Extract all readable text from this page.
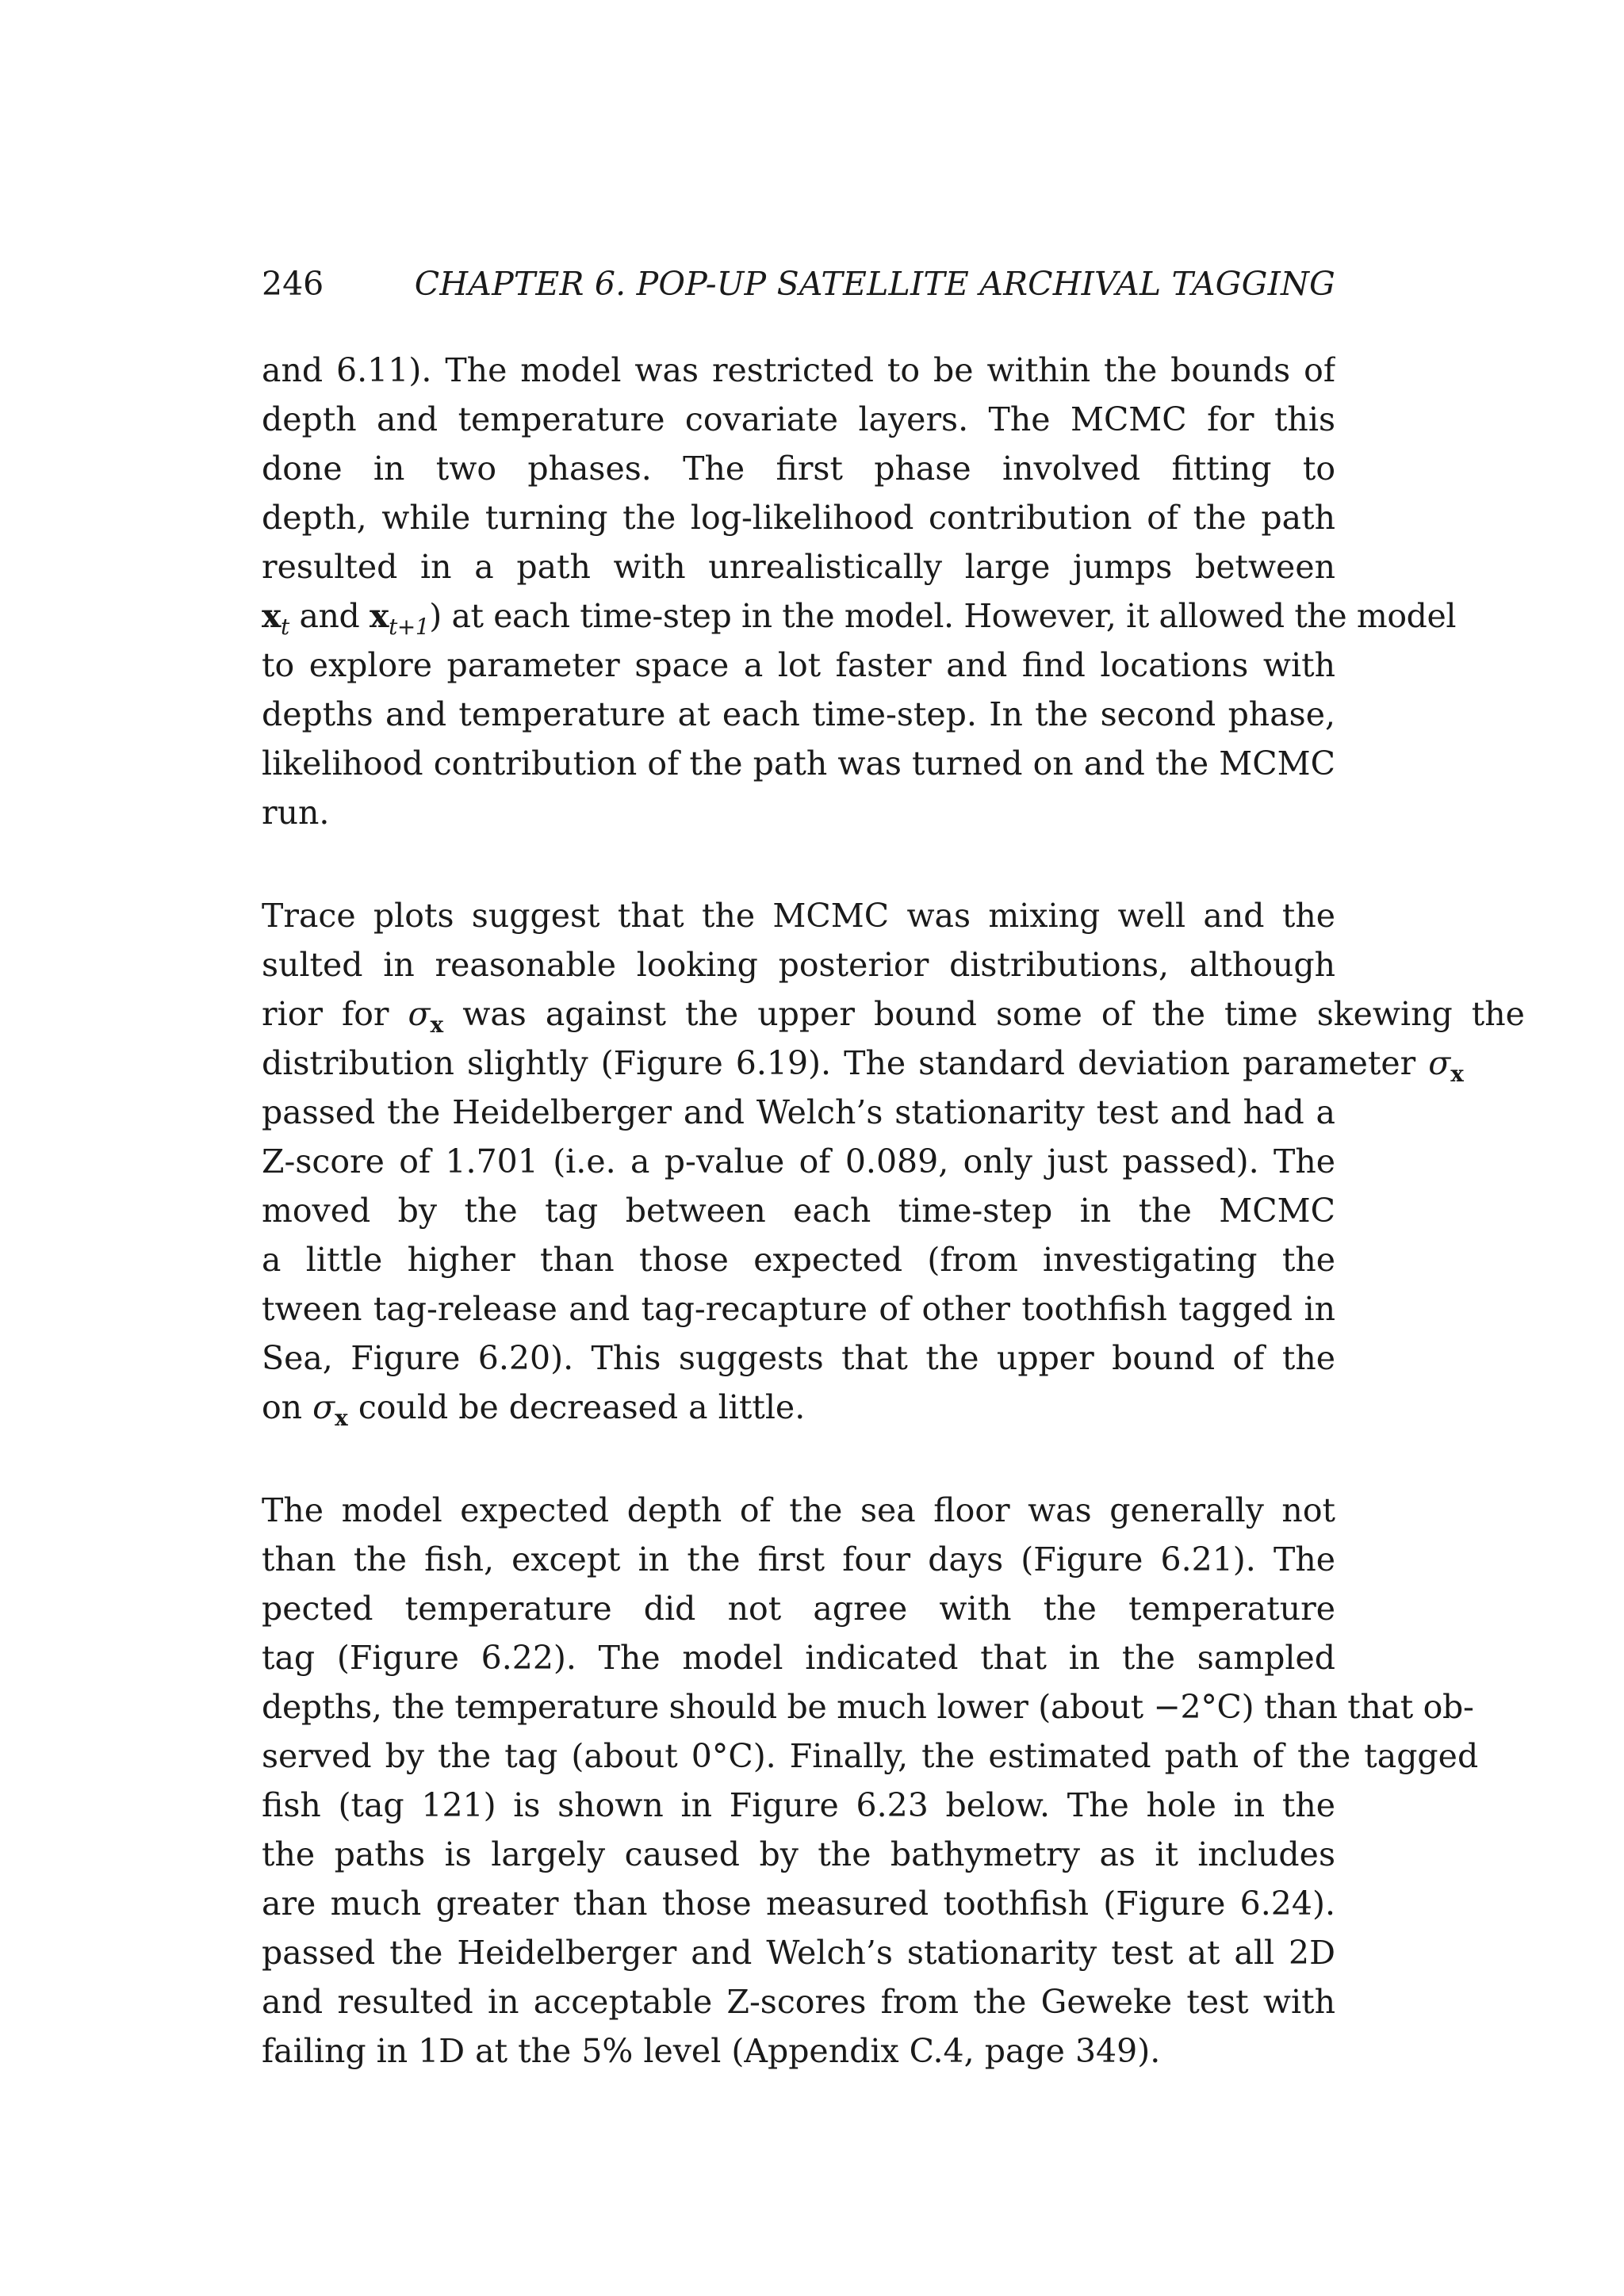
246	CHAPTER 6. POP-UP SATELLITE ARCHIVAL TAGGING
and 6.11). The model was restricted to be within the bounds of
depth and temperature covariate layers. The MCMC for this
done in two phases. The first phase involved fitting to
depth, while turning the log-likelihood contribution of the path
resulted in a path with unrealistically large jumps between
$x_t$ and $x_{t+1}$) at each time-step in the model. However, it allowed the model
to explore parameter space a lot faster and find locations with
depths and temperature at each time-step. In the second phase,
likelihood contribution of the path was turned on and the MCMC
run.
Trace plots suggest that the MCMC was mixing well and the
sulted in reasonable looking posterior distributions, although
rior for $\sigma_x$ was against the upper bound some of the time skewing the
distribution slightly (Figure 6.19). The standard deviation parameter $\sigma_x$
passed the Heidelberger and Welch’s stationarity test and had a
Z-score of 1.701 (i.e. a p-value of 0.089, only just passed). The
moved by the tag between each time-step in the MCMC
a little higher than those expected (from investigating the
tween tag-release and tag-recapture of other toothfish tagged in
Sea, Figure 6.20). This suggests that the upper bound of the
on $\sigma_x$ could be decreased a little.
The model expected depth of the sea floor was generally not
than the fish, except in the first four days (Figure 6.21). The
pected temperature did not agree with the temperature
tag (Figure 6.22). The model indicated that in the sampled
depths, the temperature should be much lower (about −2°C) than that ob-
served by the tag (about 0°C). Finally, the estimated path of the tagged
fish (tag 121) is shown in Figure 6.23 below. The hole in the
the paths is largely caused by the bathymetry as it includes
are much greater than those measured toothfish (Figure 6.24).
passed the Heidelberger and Welch’s stationarity test at all 2D
and resulted in acceptable Z-scores from the Geweke test with
failing in 1D at the 5% level (Appendix C.4, page 349).
